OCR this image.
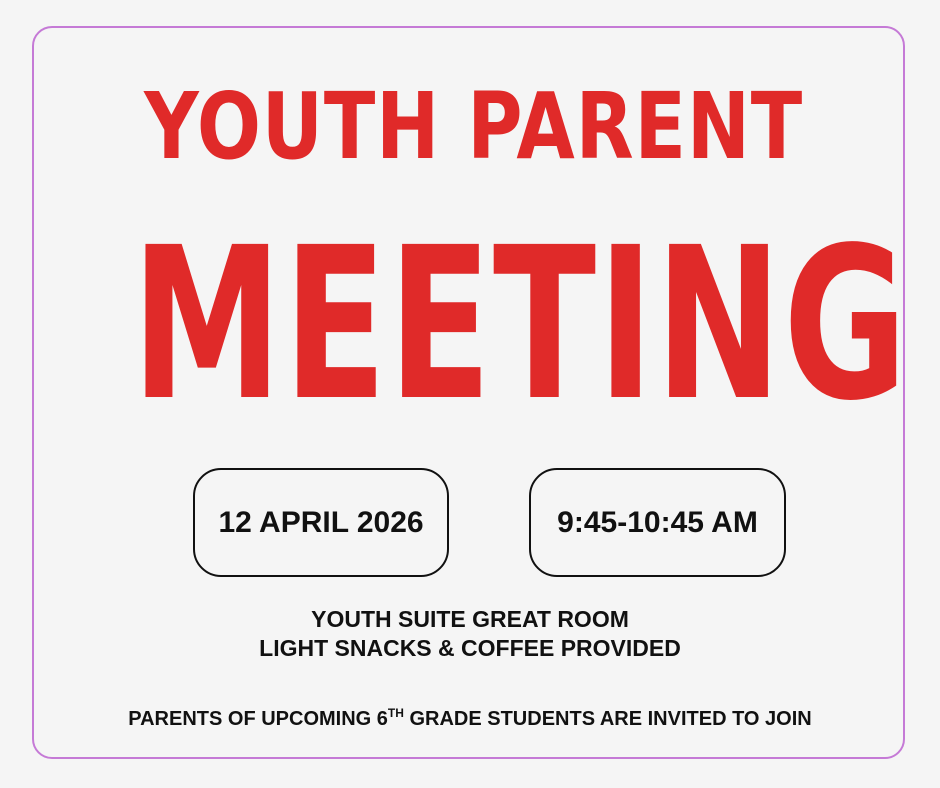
YOUTH PARENT
MEETING
12 APRIL 2026	9:45-10:45 AM
YOUTH SUITE GREAT ROOM
LIGHT SNACKS & COFFEE PROVIDED
PARENTS OF UPCOMING 6TH GRADE STUDENTS ARE INVITED TO JOIN
